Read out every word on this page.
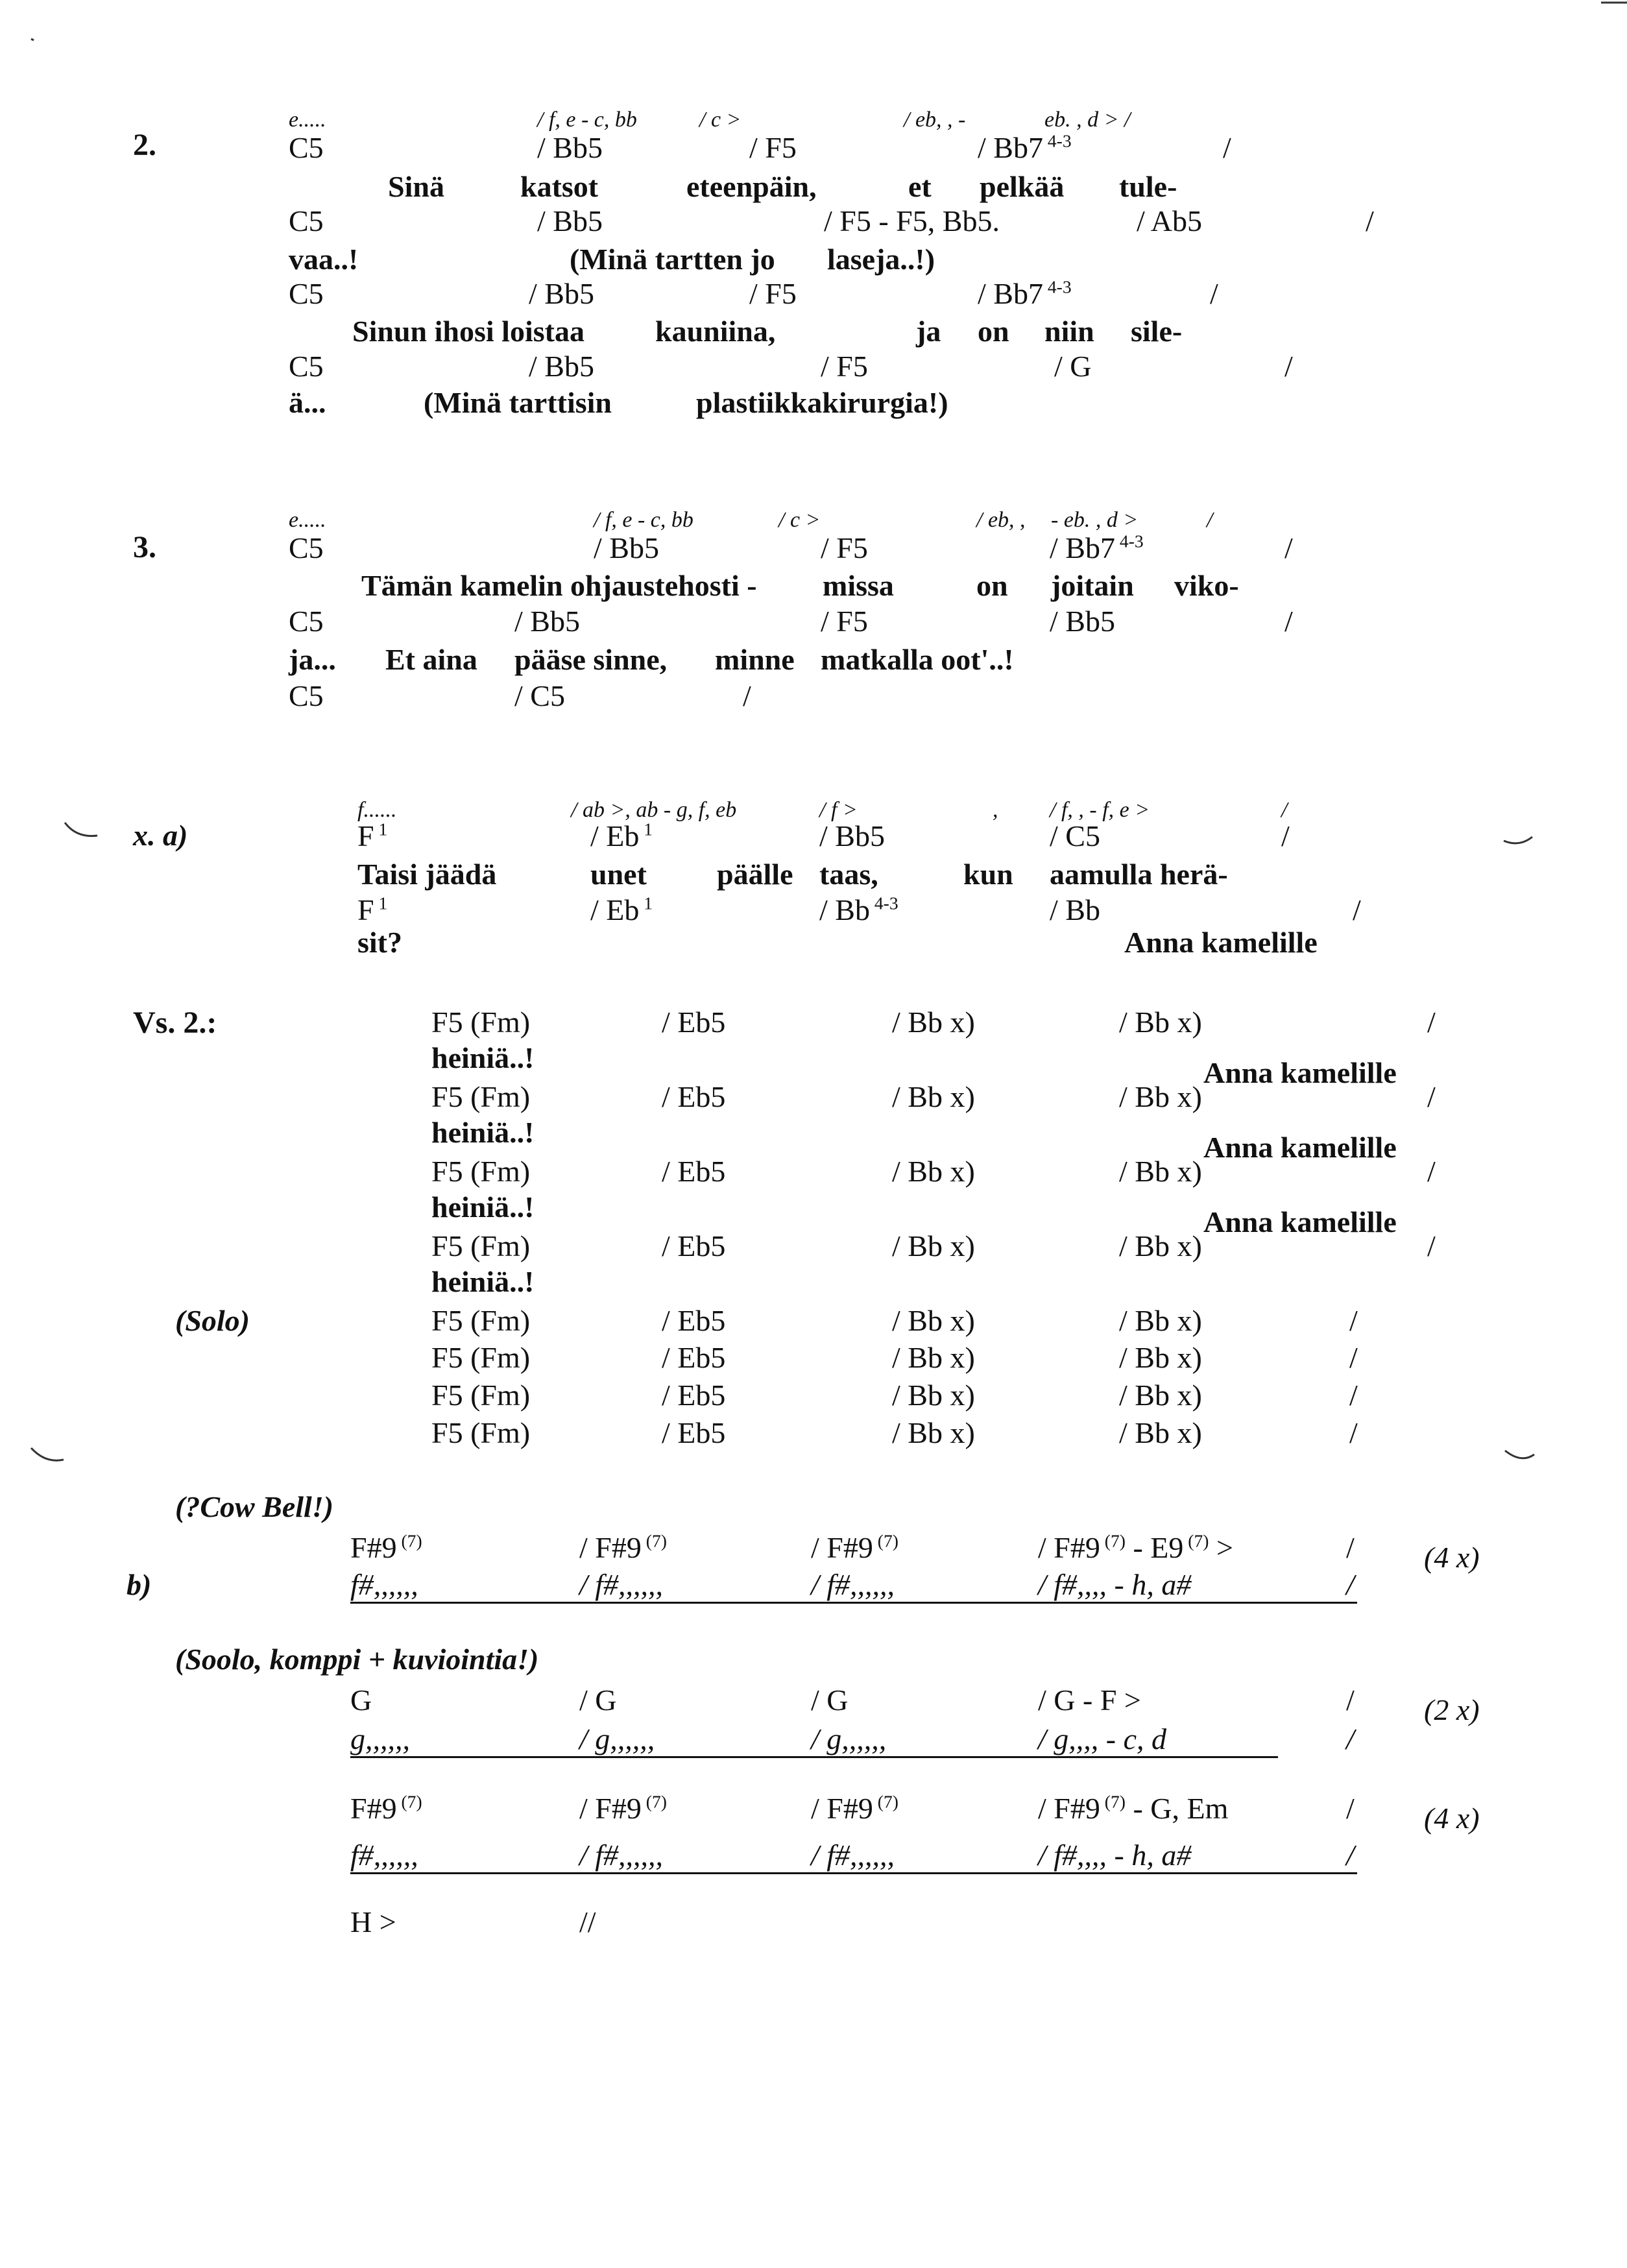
2.
e.....	/ f, e - c, bb	/ c >	/ eb, , -	eb. , d > /
C5	/ Bb5	/ F5	/ Bb7 $^{4-3}$	/
Sinä	katsot	eteenpäin,	et pelkää tule-
C5	/ Bb5	/ F5 - F5, Bb5.	/ Ab5	/
vaa..!	(Minä tartten jo laseja..!)
C5	/ Bb5	/ F5	/ Bb7 $^{4-3}$	/
Sinun ihosi loistaa kauniina,	ja on niin sile-
C5	/ Bb5	/ F5	/ G	/
ä...	(Minä tarttisin	plastiikkakirurgia!)
3.
e.....	/ f, e - c, bb	/ c >	/ eb, , - eb. , d >	/
C5	/ Bb5	/ F5	/ Bb7 $^{4-3}$	/
Tämän kamelin ohjaustehosti - missa	on joitain viko-
C5	/ Bb5	/ F5	/ Bb5	/
ja... Et aina pääse sinne, minne matkalla oot'..!
C5	/ C5	/
x. a)
f......	/ ab >, ab - g, f, eb	/ f >	, / f, , - f, e >	/
F $^1$	/ Eb $^1$	/ Bb5	/ C5	/
Taisi jäädä	unet päälle taas,	kun aamulla herä-
F $^1$	/ Eb $^1$	/ Bb $^{4-3}$	/ Bb	/
sit?	Anna kamelille
Vs. 2.:	F5 (Fm)	/ Eb5	/ Bb x)	/ Bb x)	/
heiniä..!	Anna kamelille
F5 (Fm)	/ Eb5	/ Bb x)	/ Bb x)	/
heiniä..!	Anna kamelille
F5 (Fm)	/ Eb5	/ Bb x)	/ Bb x)	/
heiniä..!	Anna kamelille
F5 (Fm)	/ Eb5	/ Bb x)	/ Bb x)	/
heiniä..!
(Solo)	F5 (Fm)	/ Eb5	/ Bb x)	/ Bb x)	/
F5 (Fm)	/ Eb5	/ Bb x)	/ Bb x)	/
F5 (Fm)	/ Eb5	/ Bb x)	/ Bb x)	/
F5 (Fm)	/ Eb5	/ Bb x)	/ Bb x)	/
(?Cow Bell!)
b)
F#9 $^{(7)}$	/ F#9 $^{(7)}$	/ F#9 $^{(7)}$	/ F#9 $^{(7)}$ - E9 $^{(7)}$ >	/
f#,,,,,,	/ f#,,,,,,	/ f#,,,,,,	/ f#,,,, - h, a#	/
(4 x)
(Soolo, komppi + kuviointia!)
G	/ G	/ G	/ G - F >	/
g,,,,,,	/ g,,,,,,	/ g,,,,,,	/ g,,,, - c, d	/
(2 x)
F#9 $^{(7)}$	/ F#9 $^{(7)}$	/ F#9 $^{(7)}$	/ F#9 $^{(7)}$ - G, Em	/
f#,,,,,,	/ f#,,,,,,	/ f#,,,,,,	/ f#,,,, - h, a#	/
(4 x)
H >	//
